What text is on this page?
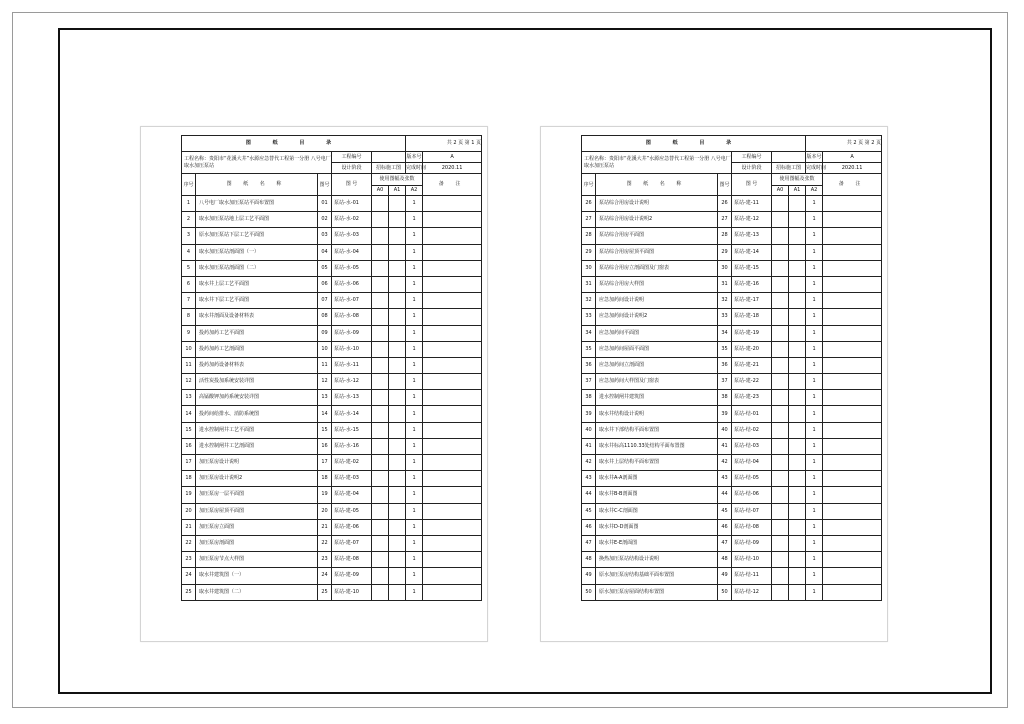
图 纸 目 录						共 2 页 第 1 页	
工程名称：贵阳市“花溪大井”水源应急替代工程第一分册 八号电厂取水加压泵站			工程编号			版本号	A
			设计阶段	招标施工图		完成时间	2020.11
序号	图 纸 名 称	图号	图 号	使用图幅及张数			备 注
				A0	A1	A2	
1	八号电厂取水加压泵站平面布置图	01	泵站-水-01			1	
2	取水加压泵站地上层工艺平面图	02	泵站-水-02			1	
3	原水加压泵站下层工艺平面图	03	泵站-水-03			1	
4	取水加压泵站剖面图（一）	04	泵站-水-04			1	
5	取水加压泵站剖面图（二）	05	泵站-水-05			1	
6	取水井上层工艺平面图	06	泵站-水-06			1	
7	取水井下层工艺平面图	07	泵站-水-07			1	
8	取水井剖面及设备材料表	08	泵站-水-08			1	
9	投药加药工艺平面图	09	泵站-水-09			1	
10	投药加药工艺剖面图	10	泵站-水-10			1	
11	投药加药设备材料表	11	泵站-水-11			1	
12	活性炭投加系统安装详图	12	泵站-水-12			1	
13	高锰酸钾加药系统安装详图	13	泵站-水-13			1	
14	投药间给排水、消防系统图	14	泵站-水-14			1	
15	进水控制闸井工艺平面图	15	泵站-水-15			1	
16	进水控制闸井工艺剖面图	16	泵站-水-16			1	
17	加压泵房设计说明	17	泵站-建-02			1	
18	加压泵房设计说明2	18	泵站-建-03			1	
19	加压泵房一层平面图	19	泵站-建-04			1	
20	加压泵房屋顶平面图	20	泵站-建-05			1	
21	加压泵房立面图	21	泵站-建-06			1	
22	加压泵房剖面图	22	泵站-建-07			1	
23	加压泵房节点大样图	23	泵站-建-08			1	
24	取水井建筑图（一）	24	泵站-建-09			1	
25	取水井建筑图（二）	25	泵站-建-10			1	
图 纸 目 录						共 2 页 第 2 页	
工程名称：贵阳市“花溪大井”水源应急替代工程第一分册 八号电厂取水加压泵站			工程编号			版本号	A
			设计阶段	招标施工图		完成时间	2020.11
序号	图 纸 名 称	图号	图 号	使用图幅及张数			备 注
				A0	A1	A2	
26	泵站综合用房设计说明	26	泵站-建-11			1	
27	泵站综合用房设计说明2	27	泵站-建-12			1	
28	泵站综合用房平面图	28	泵站-建-13			1	
29	泵站综合用房屋顶平面图	29	泵站-建-14			1	
30	泵站综合用房立剖面图及门窗表	30	泵站-建-15			1	
31	泵站综合用房大样图	31	泵站-建-16			1	
32	应急加药间设计说明	32	泵站-建-17			1	
33	应急加药间设计说明2	33	泵站-建-18			1	
34	应急加药间平面图	34	泵站-建-19			1	
35	应急加药间屋面平面图	35	泵站-建-20			1	
36	应急加药间立剖面图	36	泵站-建-21			1	
37	应急加药间大样图及门窗表	37	泵站-建-22			1	
38	进水控制闸井建筑图	38	泵站-建-23			1	
39	取水井结构设计说明	39	泵站-结-01			1	
40	取水井下部结构平面布置图	40	泵站-结-02			1	
41	取水井标高1110.33处结构平面布置图	41	泵站-结-03			1	
42	取水井上层结构平面布置图	42	泵站-结-04			1	
43	取水井A-A剖面图	43	泵站-结-05			1	
44	取水井B-B剖面图	44	泵站-结-06			1	
45	取水井C-C剖面图	45	泵站-结-07			1	
46	取水井D-D剖面图	46	泵站-结-08			1	
47	取水井E-E剖面图	47	泵站-结-09			1	
48	换热加压泵站结构设计说明	48	泵站-结-10			1	
49	原水加压泵房结构基础平面布置图	49	泵站-结-11			1	
50	原水加压泵房屋面结构布置图	50	泵站-结-12			1	
